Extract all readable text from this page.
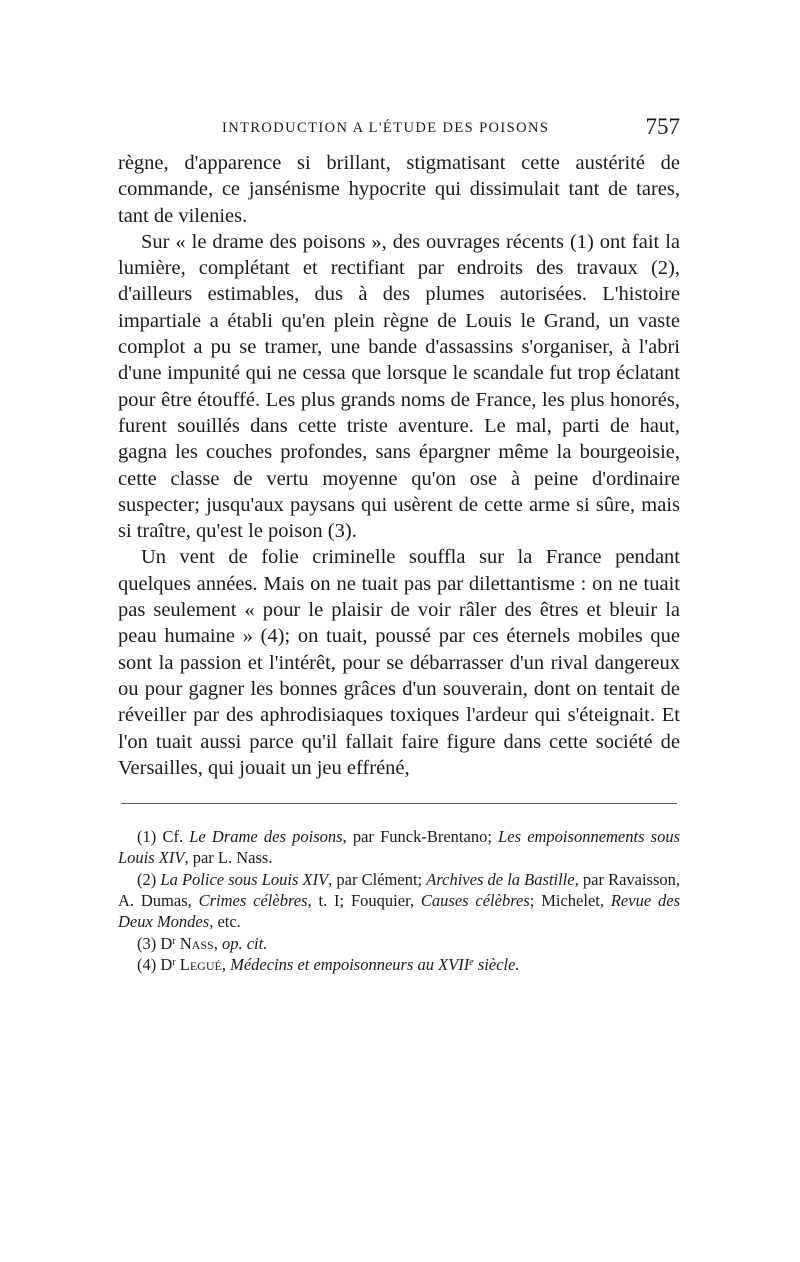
INTRODUCTION A L'ÉTUDE DES POISONS	757

règne, d'apparence si brillant, stigmatisant cette austérité de commande, ce jansénisme hypocrite qui dissimulait tant de tares, tant de vilenies.

Sur « le drame des poisons », des ouvrages récents (1) ont fait la lumière, complétant et rectifiant par endroits des travaux (2), d'ailleurs estimables, dus à des plumes autorisées. L'histoire impartiale a établi qu'en plein règne de Louis le Grand, un vaste complot a pu se tramer, une bande d'assassins s'organiser, à l'abri d'une impunité qui ne cessa que lorsque le scandale fut trop éclatant pour être étouffé. Les plus grands noms de France, les plus honorés, furent souillés dans cette triste aventure. Le mal, parti de haut, gagna les couches profondes, sans épargner même la bourgeoisie, cette classe de vertu moyenne qu'on ose à peine d'ordinaire suspecter; jusqu'aux paysans qui usèrent de cette arme si sûre, mais si traître, qu'est le poison (3).

Un vent de folie criminelle souffla sur la France pendant quelques années. Mais on ne tuait pas par dilettantisme : on ne tuait pas seulement « pour le plaisir de voir râler des êtres et bleuir la peau humaine » (4); on tuait, poussé par ces éternels mobiles que sont la passion et l'intérêt, pour se débarrasser d'un rival dangereux ou pour gagner les bonnes grâces d'un souverain, dont on tentait de réveiller par des aphrodisiaques toxiques l'ardeur qui s'éteignait. Et l'on tuait aussi parce qu'il fallait faire figure dans cette société de Versailles, qui jouait un jeu effréné,

(1) Cf. Le Drame des poisons, par Funck-Brentano; Les empoisonnements sous Louis XIV, par L. Nass.

(2) La Police sous Louis XIV, par Clément; Archives de la Bastille, par Ravaisson, A. Dumas, Crimes célèbres, t. I; Fouquier, Causes célèbres; Michelet, Revue des Deux Mondes, etc.

(3) $D^r$ Nass, op. cit.

(4) $D^r$ Legué, Médecins et empoisonneurs au XVIIe siècle.
